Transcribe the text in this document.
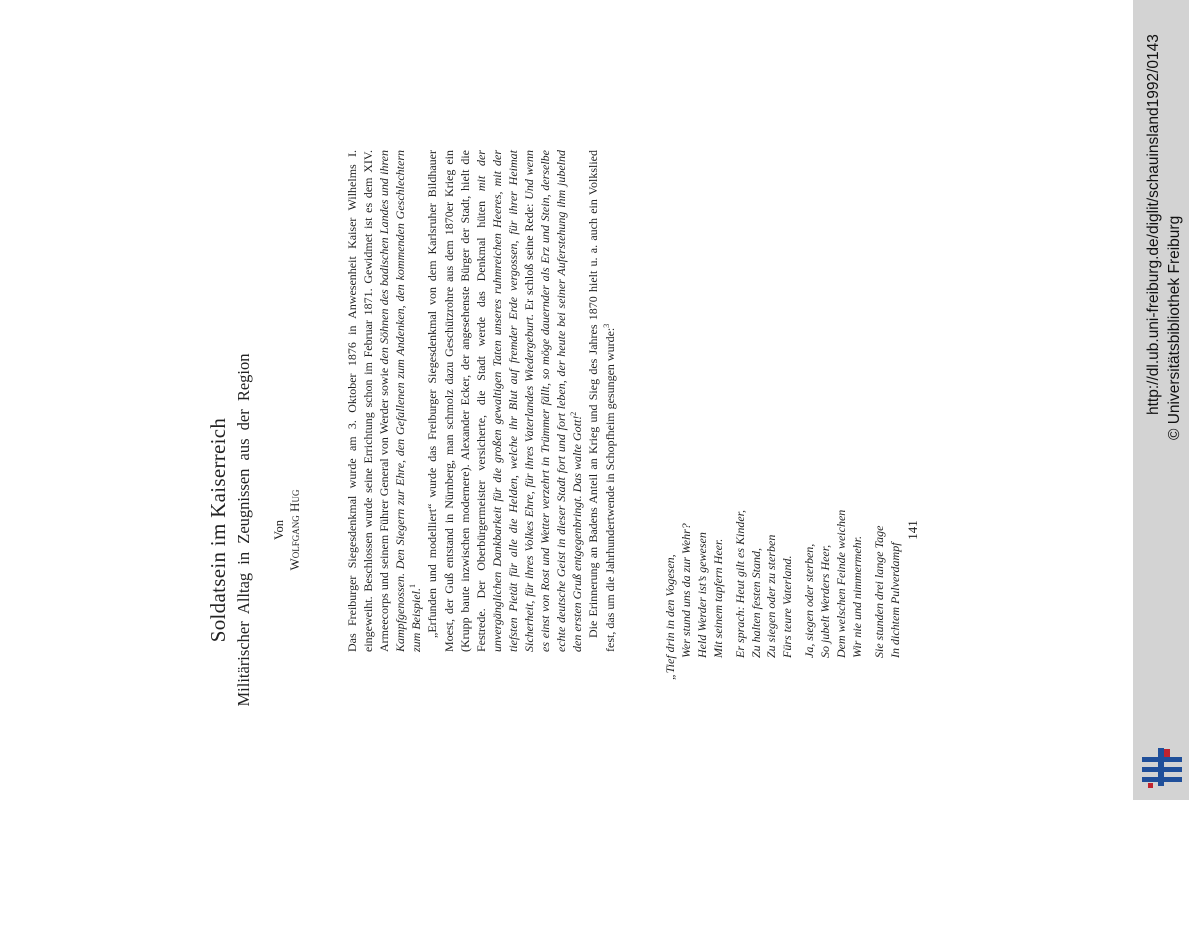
Soldatsein im Kaiserreich Militärischer Alltag in Zeugnissen aus der Region Von Wolfgang Hug	Das Freiburger Siegesdenkmal wurde am 3. Oktober 1876 in Anwesenheit Kaiser Wilhelms I. eingeweiht. Beschlossen wurde seine Errichtung schon im Februar 1871. Gewidmet ist es dem XIV. Armeecorps und seinem Führer General von Werder sowie den Söhnen des badischen Landes und ihren Kampfgenossen. Den Siegern zur Ehre, den Gefallenen zum Andenken, den kommenden Geschlechtern zum Beispiel.$^1$ „Erfunden und modelliert“ wurde das Freiburger Siegesdenkmal von dem Karlsruher Bildhauer Moest, der Guß entstand in Nürnberg, man schmolz dazu Geschützrohre aus dem 1870er Krieg ein (Krupp baute inzwischen modernere). Alexander Ecker, der angesehenste Bürger der Stadt, hielt die Festrede. Der Oberbürgermeister versicherte, die Stadt werde das Denkmal hüten mit der unvergänglichen Dankbarkeit für die großen gewaltigen Taten unseres ruhmreichen Heeres, mit der tiefsten Pietät für alle die Helden, welche ihr Blut auf fremder Erde vergossen, für ihrer Heimat Sicherheit, für ihres Volkes Ehre, für ihres Vaterlandes Wiedergeburt. Er schloß seine Rede: Und wenn es einst von Rost und Wetter verzehrt in Trümmer fällt, so möge dauernder als Erz und Stein, derselbe echte deutsche Geist in dieser Stadt fort und fort leben, der heute bei seiner Auferstehung ihm jubelnd den ersten Gruß entgegenbringt. Das walte Gott!$^2$ Die Erinnerung an Badens Anteil an Krieg und Sieg des Jahres 1870 hielt u. a. auch ein Volkslied fest, das um die Jahrhundertwende in Schopfheim gesungen wurde:$^3$

„Tief drin in den Vogesen, Wer stund uns da zur Wehr? Held Werder ist’s gewesen Mit seinem tapfern Heer. Er sprach: Heut gilt es Kinder, Zu halten festen Stand, Zu siegen oder zu sterben Fürs teure Vaterland. Ja, siegen oder sterben, So jubelt Werders Heer, Dem welschen Feinde weichen Wir nie und nimmermehr. Sie stunden drei lange Tage In dichtem Pulverdampf
141
http://dl.ub.uni-freiburg.de/diglit/schauinsland1992/0143 © Universitätsbibliothek Freiburg
